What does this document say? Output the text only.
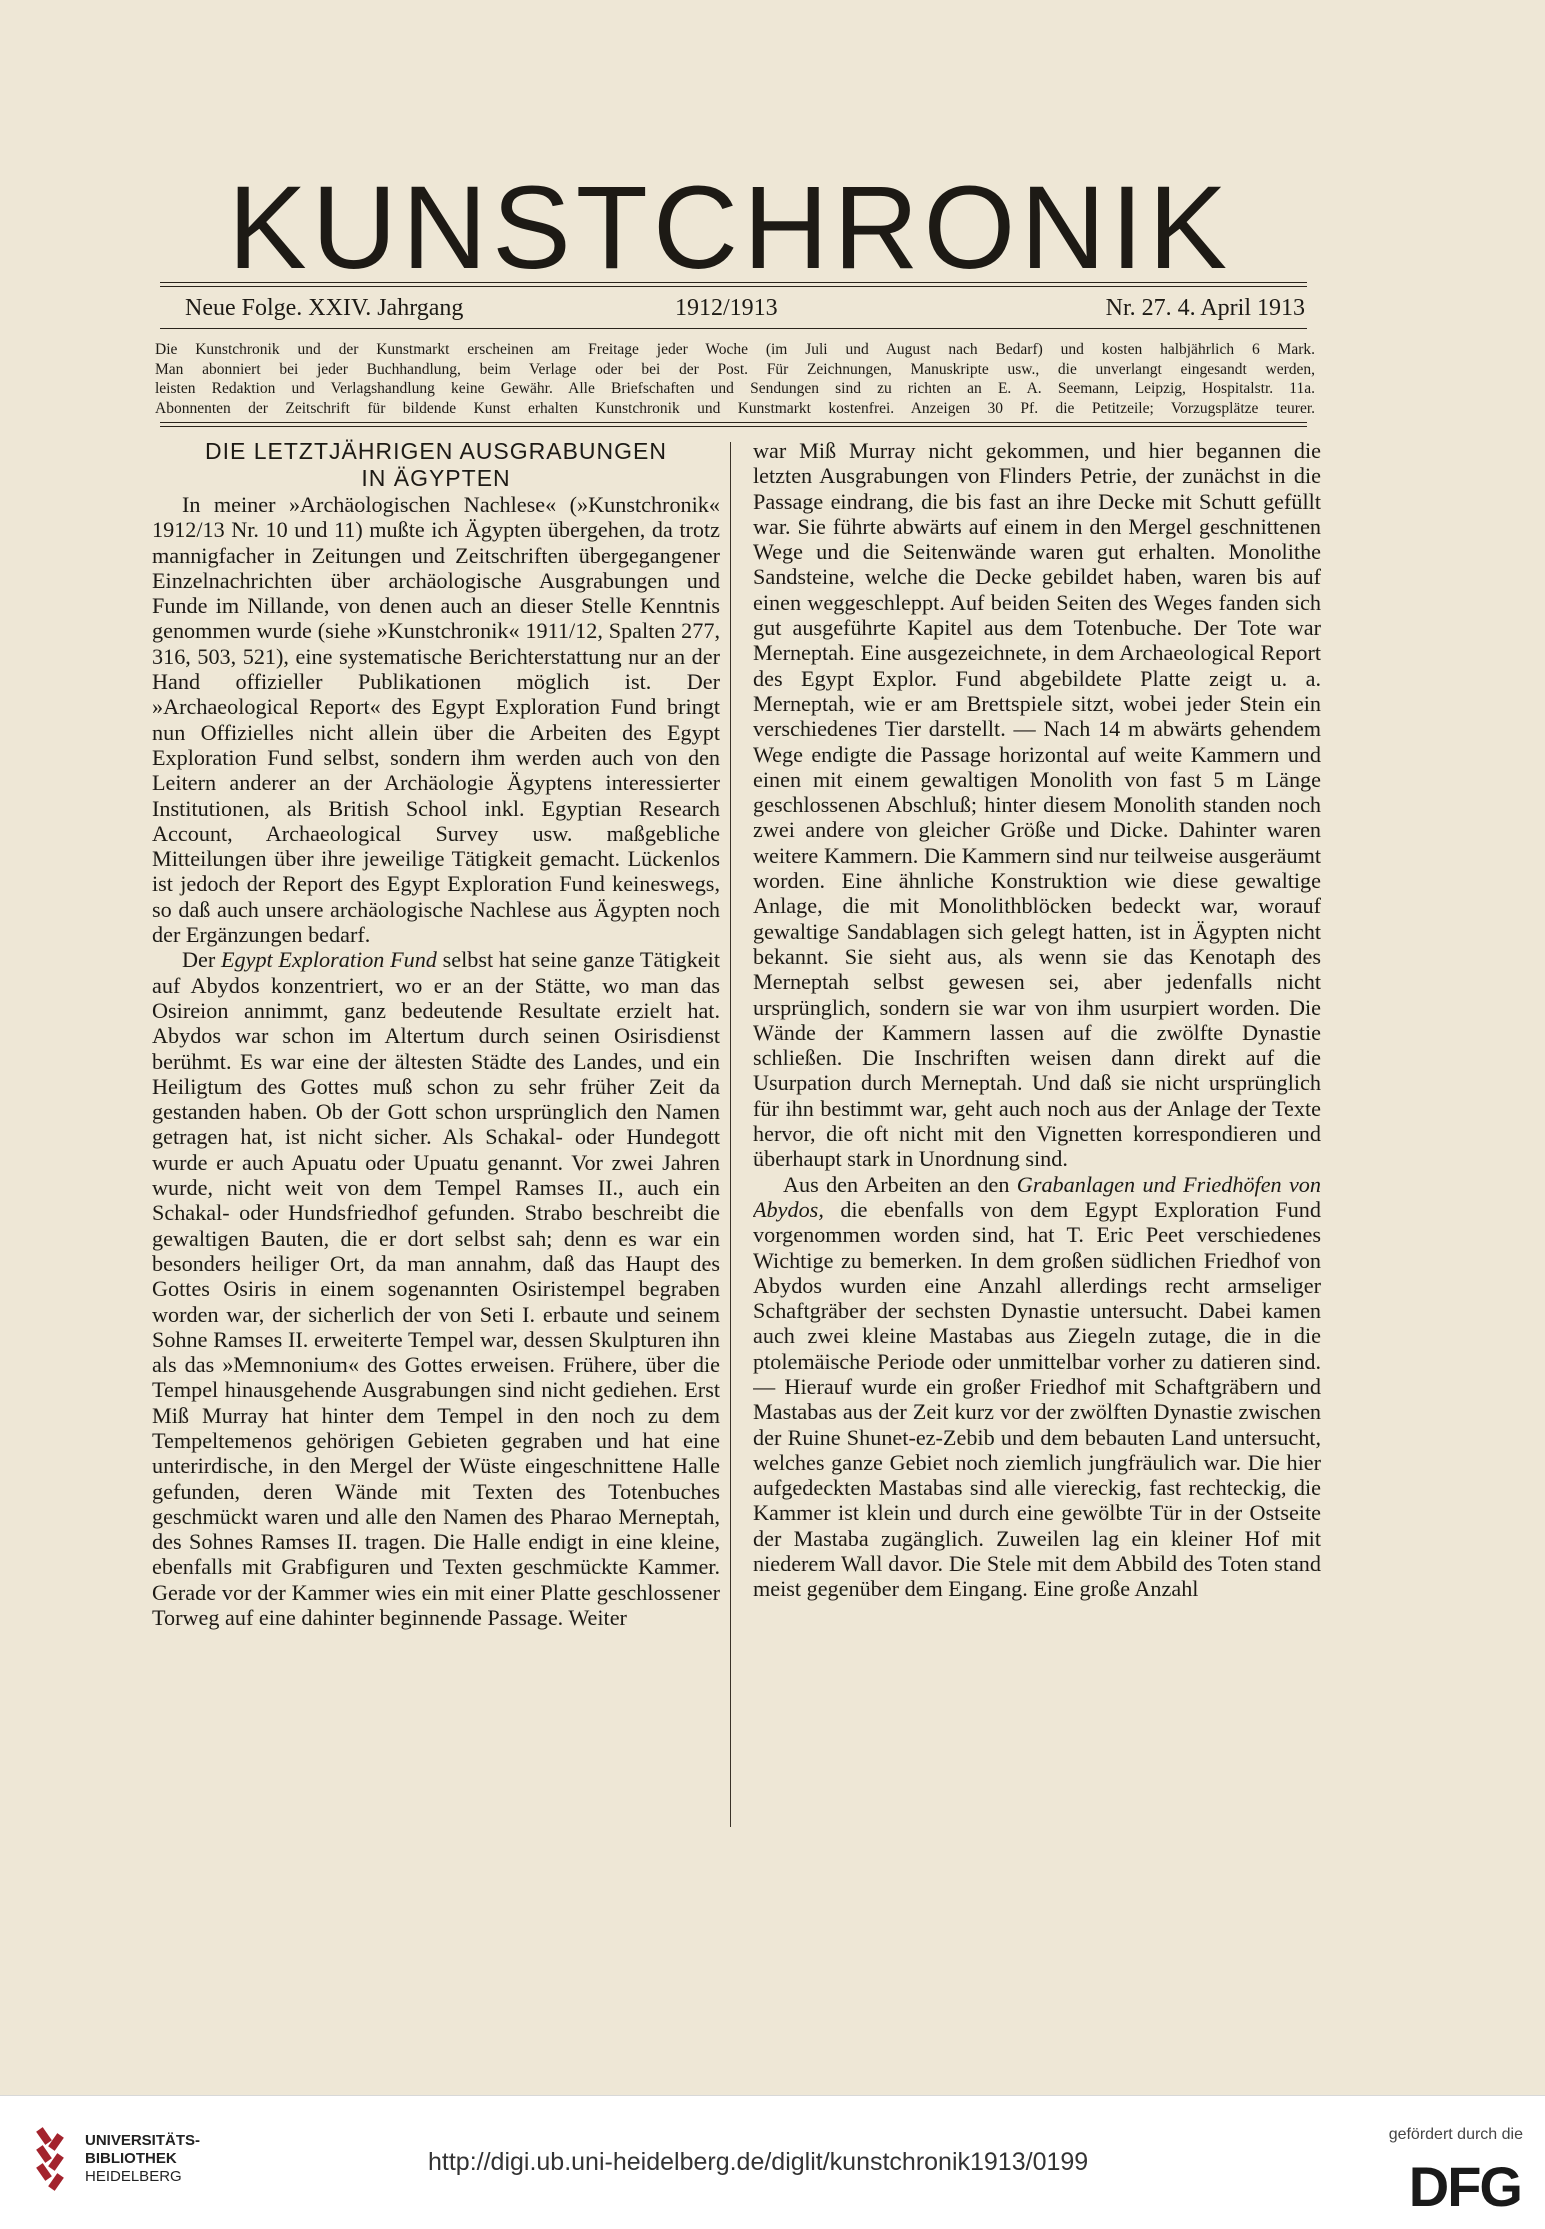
KUNSTCHRONIK
Neue Folge. XXIV. Jahrgang	1912/1913	Nr. 27. 4. April 1913

Die Kunstchronik und der Kunstmarkt erscheinen am Freitage jeder Woche (im Juli und August nach Bedarf) und kosten halbjährlich 6 Mark.

Man abonniert bei jeder Buchhandlung, beim Verlage oder bei der Post. Für Zeichnungen, Manuskripte usw., die unverlangt eingesandt werden,

leisten Redaktion und Verlagshandlung keine Gewähr. Alle Briefschaften und Sendungen sind zu richten an E. A. Seemann, Leipzig, Hospitalstr. 11a.

Abonnenten der Zeitschrift für bildende Kunst erhalten Kunstchronik und Kunstmarkt kostenfrei. Anzeigen 30 Pf. die Petitzeile; Vorzugsplätze teurer.

DIE LETZTJÄHRIGEN AUSGRABUNGEN
IN ÄGYPTEN

In meiner »Archäologischen Nachlese« (»Kunstchronik« 1912/13 Nr. 10 und 11) mußte ich Ägypten übergehen, da trotz mannigfacher in Zeitungen und Zeitschriften übergegangener Einzelnachrichten über archäologische Ausgrabungen und Funde im Nillande, von denen auch an dieser Stelle Kenntnis genommen wurde (siehe »Kunstchronik« 1911/12, Spalten 277, 316, 503, 521), eine systematische Berichterstattung nur an der Hand offizieller Publikationen möglich ist. Der »Archaeological Report« des Egypt Exploration Fund bringt nun Offizielles nicht allein über die Arbeiten des Egypt Exploration Fund selbst, sondern ihm werden auch von den Leitern anderer an der Archäologie Ägyptens interessierter Institutionen, als British School inkl. Egyptian Research Account, Archaeological Survey usw. maßgebliche Mitteilungen über ihre jeweilige Tätigkeit gemacht. Lückenlos ist jedoch der Report des Egypt Exploration Fund keineswegs, so daß auch unsere archäologische Nachlese aus Ägypten noch der Ergänzungen bedarf.

Der Egypt Exploration Fund selbst hat seine ganze Tätigkeit auf Abydos konzentriert, wo er an der Stätte, wo man das Osireion annimmt, ganz bedeutende Resultate erzielt hat. Abydos war schon im Altertum durch seinen Osirisdienst berühmt. Es war eine der ältesten Städte des Landes, und ein Heiligtum des Gottes muß schon zu sehr früher Zeit da gestanden haben. Ob der Gott schon ursprünglich den Namen getragen hat, ist nicht sicher. Als Schakal- oder Hundegott wurde er auch Apuatu oder Upuatu genannt. Vor zwei Jahren wurde, nicht weit von dem Tempel Ramses II., auch ein Schakal- oder Hundsfriedhof gefunden. Strabo beschreibt die gewaltigen Bauten, die er dort selbst sah; denn es war ein besonders heiliger Ort, da man annahm, daß das Haupt des Gottes Osiris in einem sogenannten Osiristempel begraben worden war, der sicherlich der von Seti I. erbaute und seinem Sohne Ramses II. erweiterte Tempel war, dessen Skulpturen ihn als das »Memnonium« des Gottes erweisen. Frühere, über die Tempel hinausgehende Ausgrabungen sind nicht gediehen. Erst Miß Murray hat hinter dem Tempel in den noch zu dem Tempeltemenos gehörigen Gebieten gegraben und hat eine unterirdische, in den Mergel der Wüste eingeschnittene Halle gefunden, deren Wände mit Texten des Totenbuches geschmückt waren und alle den Namen des Pharao Merneptah, des Sohnes Ramses II. tragen. Die Halle endigt in eine kleine, ebenfalls mit Grabfiguren und Texten geschmückte Kammer. Gerade vor der Kammer wies ein mit einer Platte geschlossener Torweg auf eine dahinter beginnende Passage. Weiter

war Miß Murray nicht gekommen, und hier begannen die letzten Ausgrabungen von Flinders Petrie, der zunächst in die Passage eindrang, die bis fast an ihre Decke mit Schutt gefüllt war. Sie führte abwärts auf einem in den Mergel geschnittenen Wege und die Seitenwände waren gut erhalten. Monolithe Sandsteine, welche die Decke gebildet haben, waren bis auf einen weggeschleppt. Auf beiden Seiten des Weges fanden sich gut ausgeführte Kapitel aus dem Totenbuche. Der Tote war Merneptah. Eine ausgezeichnete, in dem Archaeological Report des Egypt Explor. Fund abgebildete Platte zeigt u. a. Merneptah, wie er am Brettspiele sitzt, wobei jeder Stein ein verschiedenes Tier darstellt. — Nach 14 m abwärts gehendem Wege endigte die Passage horizontal auf weite Kammern und einen mit einem gewaltigen Monolith von fast 5 m Länge geschlossenen Abschluß; hinter diesem Monolith standen noch zwei andere von gleicher Größe und Dicke. Dahinter waren weitere Kammern. Die Kammern sind nur teilweise ausgeräumt worden. Eine ähnliche Konstruktion wie diese gewaltige Anlage, die mit Monolithblöcken bedeckt war, worauf gewaltige Sandablagen sich gelegt hatten, ist in Ägypten nicht bekannt. Sie sieht aus, als wenn sie das Kenotaph des Merneptah selbst gewesen sei, aber jedenfalls nicht ursprünglich, sondern sie war von ihm usurpiert worden. Die Wände der Kammern lassen auf die zwölfte Dynastie schließen. Die Inschriften weisen dann direkt auf die Usurpation durch Merneptah. Und daß sie nicht ursprünglich für ihn bestimmt war, geht auch noch aus der Anlage der Texte hervor, die oft nicht mit den Vignetten korrespondieren und überhaupt stark in Unordnung sind.

Aus den Arbeiten an den Grabanlagen und Friedhöfen von Abydos, die ebenfalls von dem Egypt Exploration Fund vorgenommen worden sind, hat T. Eric Peet verschiedenes Wichtige zu bemerken. In dem großen südlichen Friedhof von Abydos wurden eine Anzahl allerdings recht armseliger Schaftgräber der sechsten Dynastie untersucht. Dabei kamen auch zwei kleine Mastabas aus Ziegeln zutage, die in die ptolemäische Periode oder unmittelbar vorher zu datieren sind. — Hierauf wurde ein großer Friedhof mit Schaftgräbern und Mastabas aus der Zeit kurz vor der zwölften Dynastie zwischen der Ruine Shunet-ez-Zebib und dem bebauten Land untersucht, welches ganze Gebiet noch ziemlich jungfräulich war. Die hier aufgedeckten Mastabas sind alle viereckig, fast rechteckig, die Kammer ist klein und durch eine gewölbte Tür in der Ostseite der Mastaba zugänglich. Zuweilen lag ein kleiner Hof mit niederem Wall davor. Die Stele mit dem Abbild des Toten stand meist gegenüber dem Eingang. Eine große Anzahl

UNIVERSITÄTS-
BIBLIOTHEK
HEIDELBERG
http://digi.ub.uni-heidelberg.de/diglit/kunstchronik1913/0199
gefördert durch die
DFG
